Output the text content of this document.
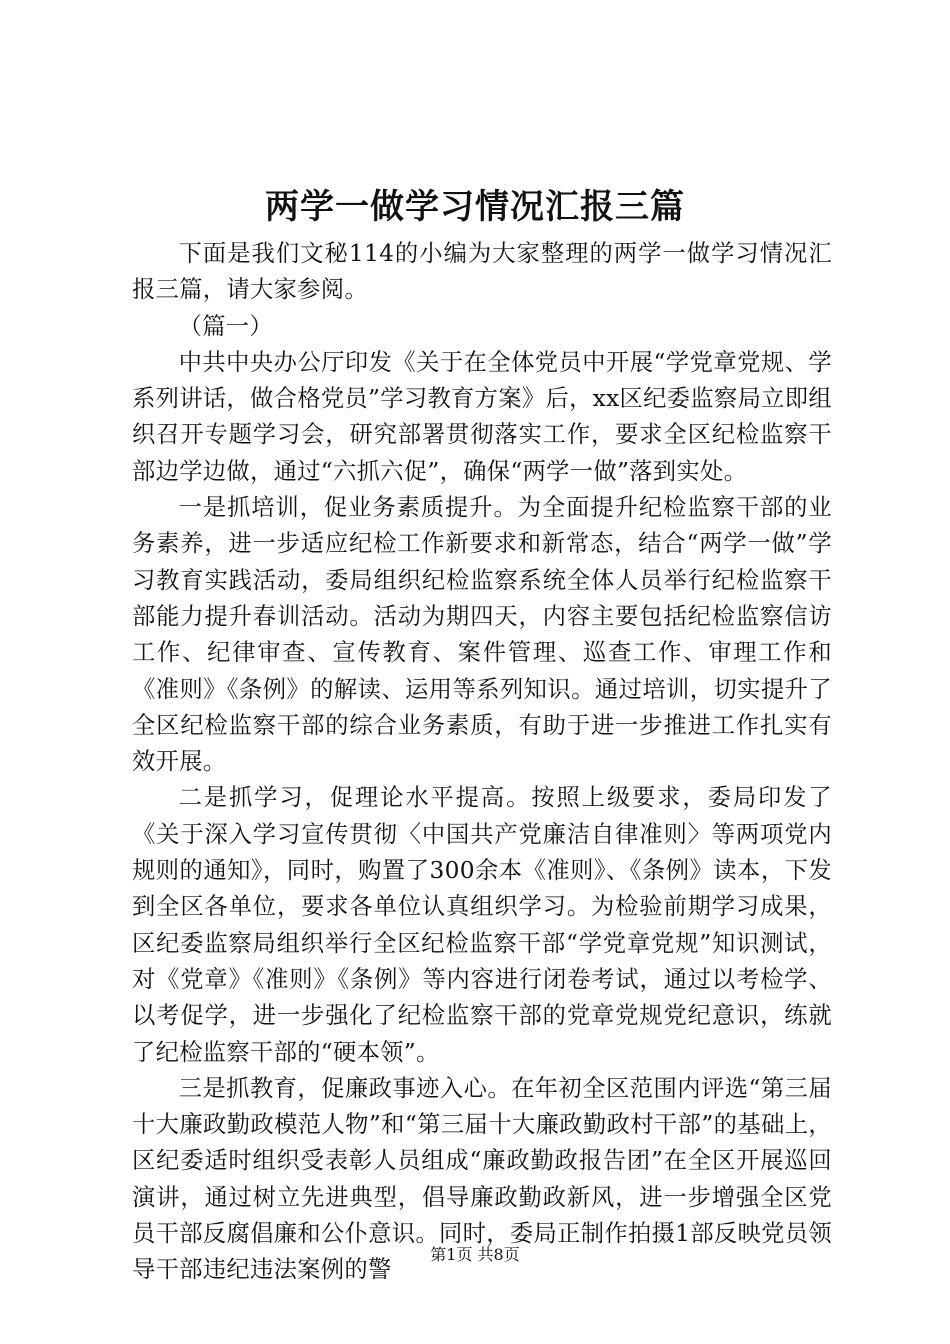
两学一做学习情况汇报三篇

下面是我们文秘114的小编为大家整理的两学一做学习情况汇报三篇，请大家参阅。

（篇一）

中共中央办公厅印发《关于在全体党员中开展“学党章党规、学系列讲话，做合格党员”学习教育方案》后，xx区纪委监察局立即组织召开专题学习会，研究部署贯彻落实工作，要求全区纪检监察干部边学边做，通过“六抓六促”，确保“两学一做”落到实处。

一是抓培训，促业务素质提升。为全面提升纪检监察干部的业务素养，进一步适应纪检工作新要求和新常态，结合“两学一做”学习教育实践活动，委局组织纪检监察系统全体人员举行纪检监察干部能力提升春训活动。活动为期四天，内容主要包括纪检监察信访工作、纪律审查、宣传教育、案件管理、巡查工作、审理工作和《准则》《条例》的解读、运用等系列知识。通过培训，切实提升了全区纪检监察干部的综合业务素质，有助于进一步推进工作扎实有效开展。

二是抓学习，促理论水平提高。按照上级要求，委局印发了《关于深入学习宣传贯彻〈中国共产党廉洁自律准则〉等两项党内规则的通知》，同时，购置了300余本《准则》、《条例》读本，下发到全区各单位，要求各单位认真组织学习。为检验前期学习成果，区纪委监察局组织举行全区纪检监察干部“学党章党规”知识测试，对《党章》《准则》《条例》等内容进行闭卷考试，通过以考检学、以考促学，进一步强化了纪检监察干部的党章党规党纪意识，练就了纪检监察干部的“硬本领”。

三是抓教育，促廉政事迹入心。在年初全区范围内评选“第三届十大廉政勤政模范人物”和“第三届十大廉政勤政村干部”的基础上，区纪委适时组织受表彰人员组成“廉政勤政报告团”在全区开展巡回演讲，通过树立先进典型，倡导廉政勤政新风，进一步增强全区党员干部反腐倡廉和公仆意识。同时，委局正制作拍摄1部反映党员领导干部违纪违法案例的警

第1页 共8页
